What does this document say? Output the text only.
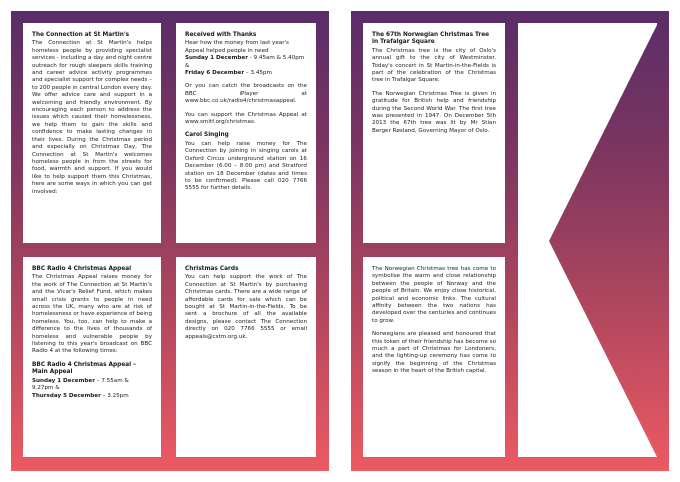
The Connection at St Martin's

The Connection at St Martin's helps homeless people by providing specialist services - including a day and night centre outreach for rough sleepers skills training and career advice activity programmes and specialist support for complex needs – to 200 people in central London every day. We offer advice care and support in a welcoming and friendly environment. By encouraging each person to address the issues which caused their homelessness, we help them to gain the skills and confidence to make lasting changes in their lives. During the Christmas period and especially on Christmas Day, The Connection at St Martin's welcomes homeless people in from the streets for food, warmth and support. If you would like to help support them this Christmas, here are some ways in which you can get involved:

Received with Thanks
Hear how the money from last year's Appeal helped people in need
Sunday 1 December - 9.45am & 5.40pm &
Friday 6 December – 3.45pm

Or you can catch the broadcasts on the BBC iPlayer at www.bbc.co.uk/radio4/christmasappeal.

You can support the Christmas Appeal at www.smitf.org/christmas.

Carol Singing

You can help raise money for The Connection by joining in singing carols at Oxford Circus underground station on 16 December (6.00 – 8.00 pm) and Stratford station on 18 December (dates and times to be confirmed). Please call 020 7766 5555 for further details.

BBC Radio 4 Christmas Appeal

The Christmas Appeal raises money for the work of The Connection at St Martin's and the Vicar's Relief Fund, which makes small crisis grants to people in need across the UK, many who are at risk of homelessness or have experience of being homeless. You, too, can help to make a difference to the lives of thousands of homeless and vulnerable people by listening to this year's broadcast on BBC Radio 4 at the following times:

BBC Radio 4 Christmas Appeal – Main Appeal
Sunday 1 December – 7.55am & 9.27pm &
Thursday 5 December – 3.25pm
Christmas Cards

You can help support the work of The Connection at St Martin's by purchasing Christmas cards. There are a wide range of affordable cards for sale which can be bought at St Martin-in-the-Fields. To be sent a brochure of all the available designs, please contact The Connection directly on 020 7766 5555 or email appeals@cstm.org.uk.

The 67th Norwegian Christmas Tree in Trafalgar Square

The Christmas tree is the city of Oslo's annual gift to the city of Westminster. Today's concert in St Martin-in-the-Fields is part of the celebration of the Christmas tree in Trafalgar Square.

The Norwegian Christmas Tree is given in gratitude for British help and friendship during the Second World War. The first tree was presented in 1947. On December 5th 2013 the 67th tree was lit by Mr Stian Berger Røsland, Governing Mayor of Oslo.

The Norwegian Christmas tree has come to symbolise the warm and close relationship between the people of Norway and the people of Britain. We enjoy close historical, political and economic links. The cultural affinity between the two nations has developed over the centuries and continues to grow.

Norwegians are pleased and honoured that this token of their friendship has become so much a part of Christmas for Londoners, and the lighting-up ceremony has come to signify the beginning of the Christmas season in the heart of the British capital.
